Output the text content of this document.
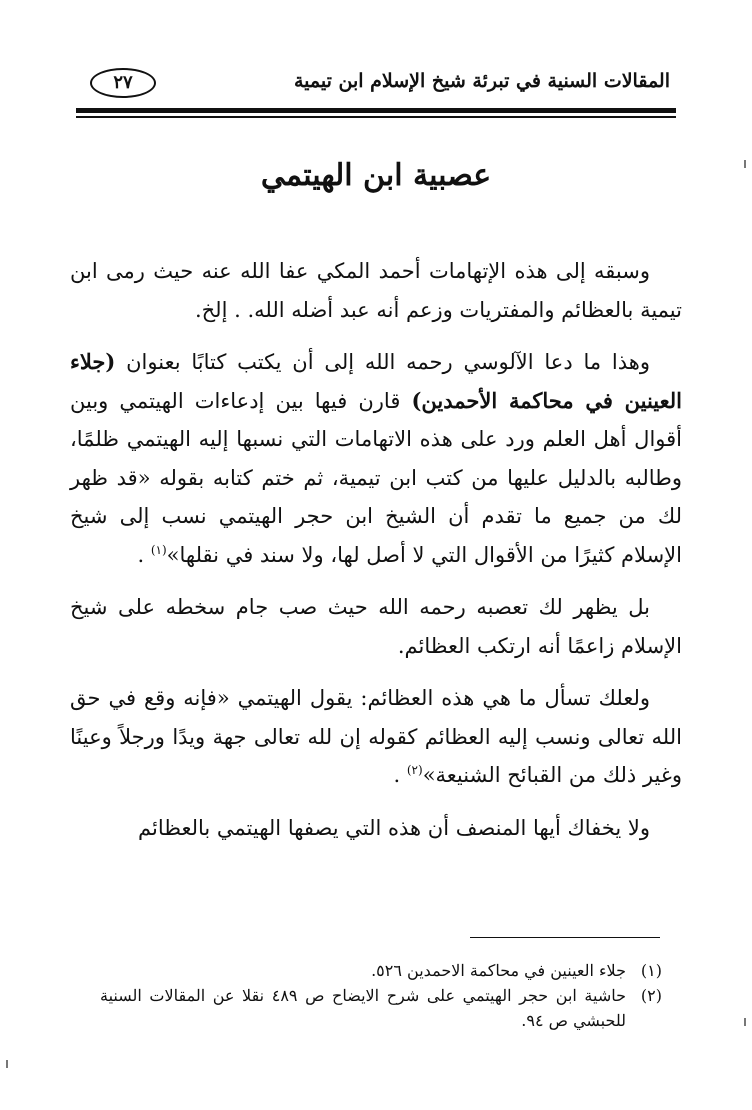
المقالات السنية في تبرئة شيخ الإسلام ابن تيمية
٢٧
عصبية ابن الهيتمي

وسبقه إلى هذه الإتهامات أحمد المكي عفا الله عنه حيث رمى ابن تيمية بالعظائم والمفتريات وزعم أنه عبد أضله الله. . إلخ.

وهذا ما دعا الآلوسي رحمه الله إلى أن يكتب كتابًا بعنوان (جلاء العينين في محاكمة الأحمدين) قارن فيها بين إدعاءات الهيتمي وبين أقوال أهل العلم ورد على هذه الاتهامات التي نسبها إليه الهيتمي ظلمًا، وطالبه بالدليل عليها من كتب ابن تيمية، ثم ختم كتابه بقوله «قد ظهر لك من جميع ما تقدم أن الشيخ ابن حجر الهيتمي نسب إلى شيخ الإسلام كثيرًا من الأقوال التي لا أصل لها، ولا سند في نقلها»$^{(١)}$ .

بل يظهر لك تعصبه رحمه الله حيث صب جام سخطه على شيخ الإسلام زاعمًا أنه ارتكب العظائم.

ولعلك تسأل ما هي هذه العظائم: يقول الهيتمي «فإنه وقع في حق الله تعالى ونسب إليه العظائم كقوله إن لله تعالى جهة ويدًا ورجلاً وعينًا وغير ذلك من القبائح الشنيعة»$^{(٢)}$ .

ولا يخفاك أيها المنصف أن هذه التي يصفها الهيتمي بالعظائم

(١)
جلاء العينين في محاكمة الاحمدين ٥٢٦.
(٢)
حاشية ابن حجر الهيتمي على شرح الايضاح ص ٤٨٩ نقلا عن المقالات السنية للحبشي ص ٩٤.
